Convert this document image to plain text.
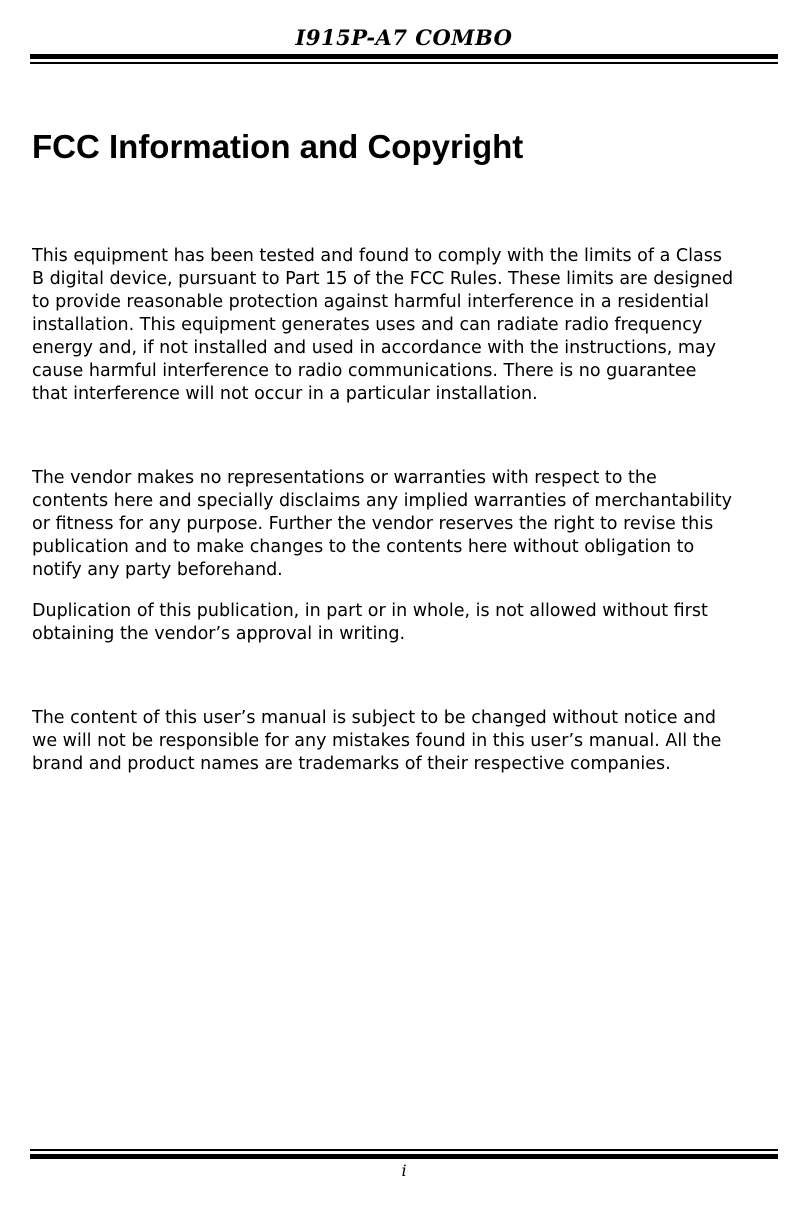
I915P-A7 COMBO
FCC Information and Copyright

This equipment has been tested and found to comply with the limits of a Class
B digital device, pursuant to Part 15 of the FCC Rules. These limits are designed
to provide reasonable protection against harmful interference in a residential
installation. This equipment generates uses and can radiate radio frequency
energy and, if not installed and used in accordance with the instructions, may
cause harmful interference to radio communications. There is no guarantee
that interference will not occur in a particular installation.

The vendor makes no representations or warranties with respect to the
contents here and specially disclaims any implied warranties of merchantability
or fitness for any purpose. Further the vendor reserves the right to revise this
publication and to make changes to the contents here without obligation to
notify any party beforehand.

Duplication of this publication, in part or in whole, is not allowed without first
obtaining the vendor’s approval in writing.

The content of this user’s manual is subject to be changed without notice and
we will not be responsible for any mistakes found in this user’s manual. All the
brand and product names are trademarks of their respective companies.

i
